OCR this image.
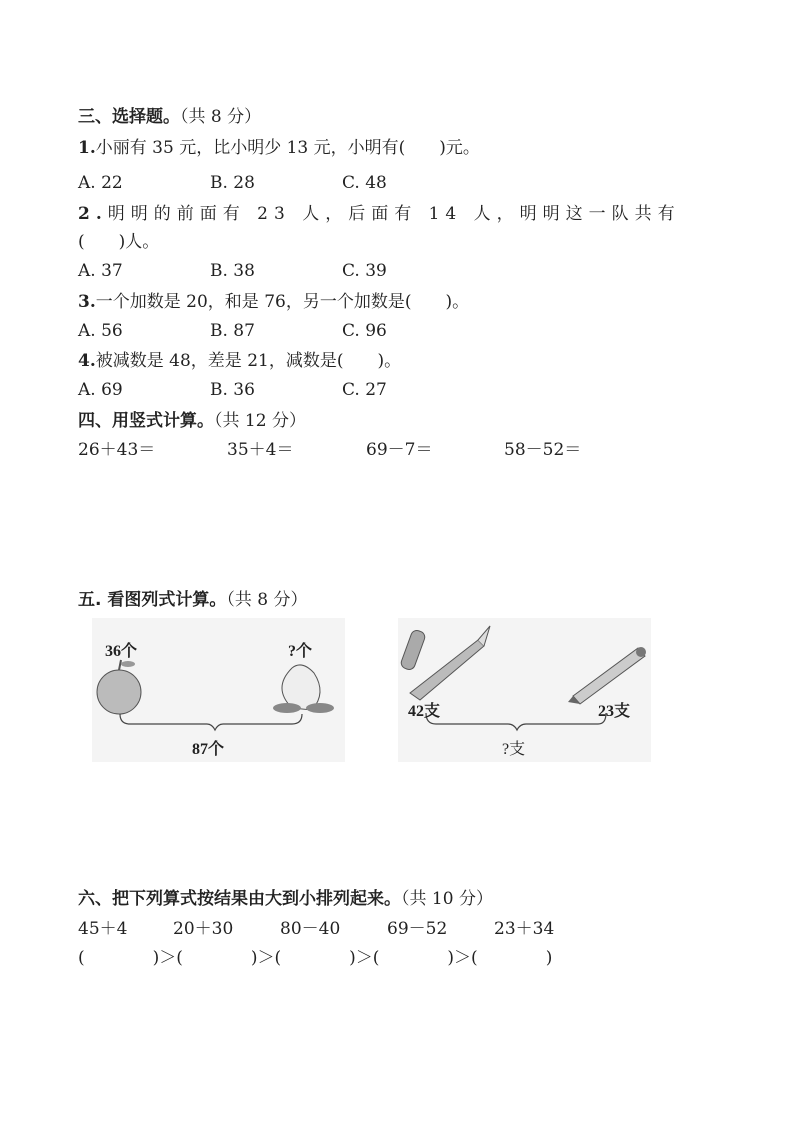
三、选择题。（共 8 分）
1.小丽有 35 元，比小明少 13 元，小明有(　　)元。
A. 22	B. 28	C. 48
2.明明的前面有 23 人，后面有 14 人，明明这一队共有
(　　)人。
A. 37	B. 38	C. 39
3.一个加数是 20，和是 76，另一个加数是(　　)。
A. 56	B. 87	C. 96
4.被减数是 48，差是 21，减数是(　　)。
A. 69	B. 36	C. 27
四、用竖式计算。（共 12 分）
26＋43＝	35＋4＝	69－7＝	58－52＝
五. 看图列式计算。（共 8 分）
36个	?个
87个
42支	23支
?支
六、把下列算式按结果由大到小排列起来。（共 10 分）
45＋4	20＋30	80－40	69－52	23＋34
(　　　　)＞(　　　　)＞(　　　　)＞(　　　　)＞(　　　　)
